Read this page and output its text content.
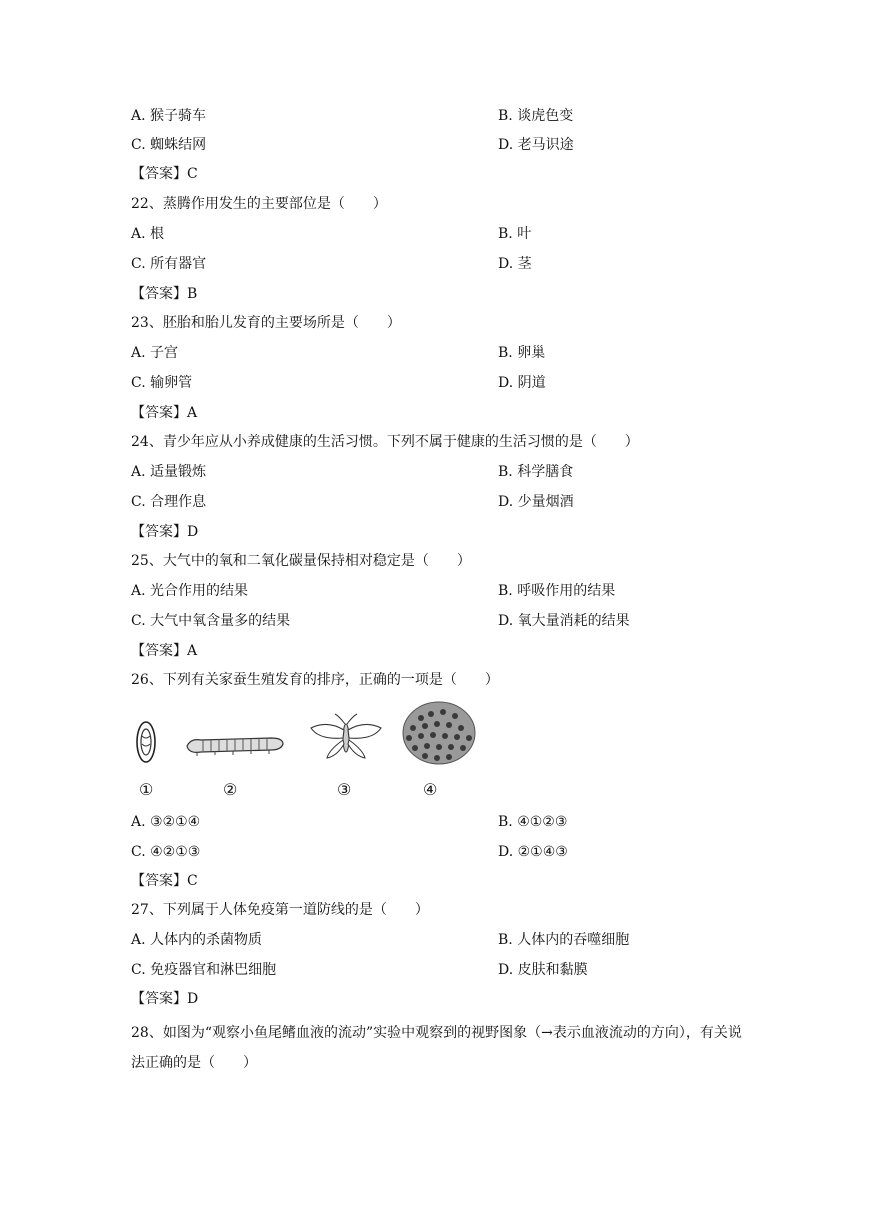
A. 猴子骑车	B. 谈虎色变
C. 蜘蛛结网	D. 老马识途
【答案】C
22、蒸腾作用发生的主要部位是（　　）
A. 根	B. 叶
C. 所有器官	D. 茎
【答案】B
23、胚胎和胎儿发育的主要场所是（　　）
A. 子宫	B. 卵巢
C. 输卵管	D. 阴道
【答案】A
24、青少年应从小养成健康的生活习惯。下列不属于健康的生活习惯的是（　　）
A. 适量锻炼	B. 科学膳食
C. 合理作息	D. 少量烟酒
【答案】D
25、大气中的氧和二氧化碳量保持相对稳定是（　　）
A. 光合作用的结果	B. 呼吸作用的结果
C. 大气中氧含量多的结果	D. 氧大量消耗的结果
【答案】A
26、下列有关家蚕生殖发育的排序，正确的一项是（　　）
①	②	③	④
A. ③②①④	B. ④①②③
C. ④②①③	D. ②①④③
【答案】C
27、下列属于人体免疫第一道防线的是（　　）
A. 人体内的杀菌物质	B. 人体内的吞噬细胞
C. 免疫器官和淋巴细胞	D. 皮肤和黏膜
【答案】D
28、如图为“观察小鱼尾鳍血液的流动”实验中观察到的视野图象（→表示血液流动的方向），有关说法正确的是（　　）
